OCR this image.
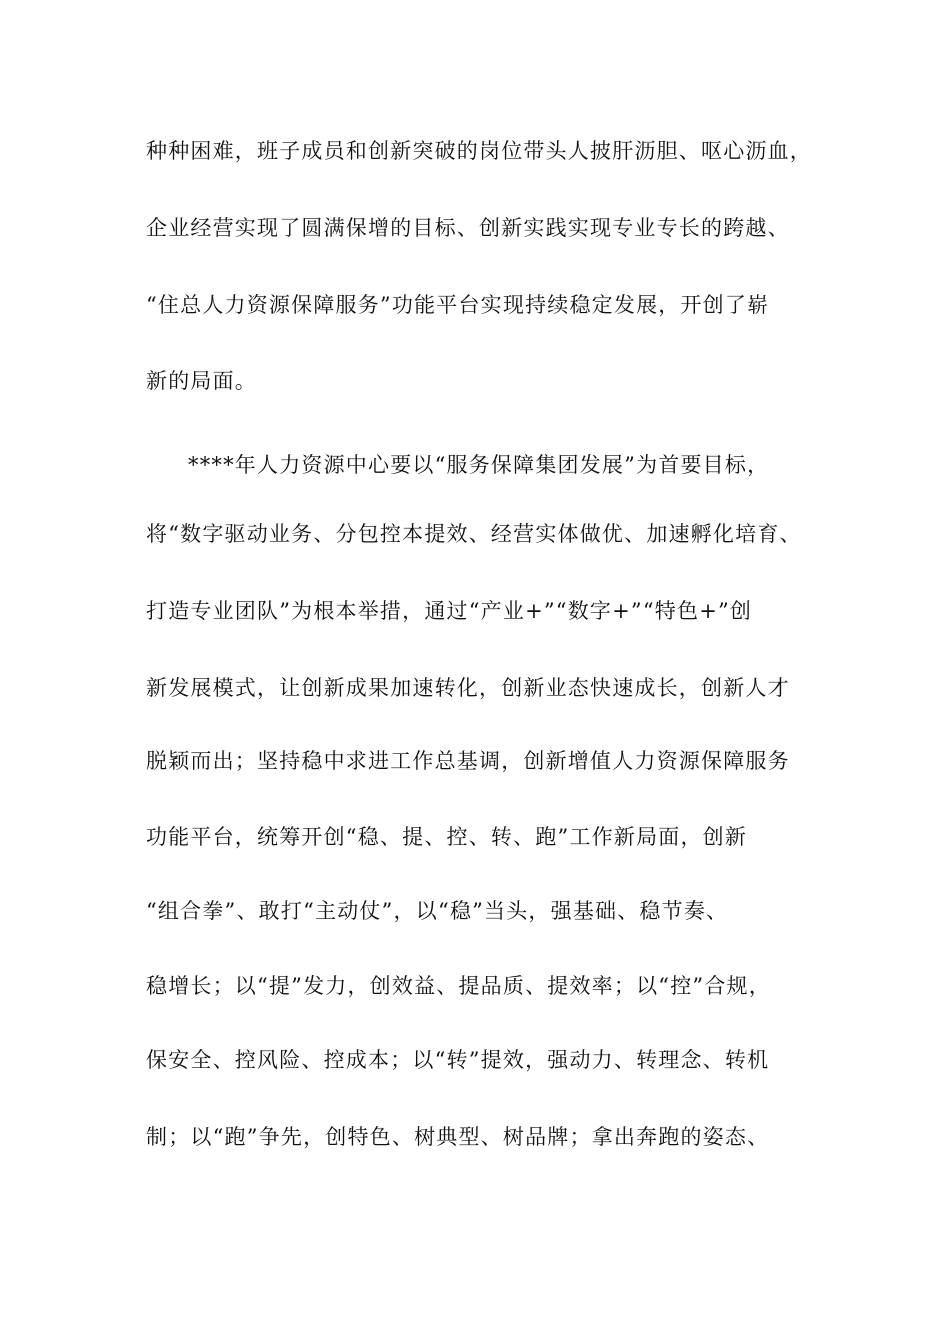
种种困难，班子成员和创新突破的岗位带头人披肝沥胆、呕心沥血，
企业经营实现了圆满保增的目标、创新实践实现专业专长的跨越、
“住总人力资源保障服务”功能平台实现持续稳定发展，开创了崭
新的局面。
****年人力资源中心要以“服务保障集团发展”为首要目标，
将“数字驱动业务、分包控本提效、经营实体做优、加速孵化培育、
打造专业团队”为根本举措，通过“产业+”“数字+”“特色+”创
新发展模式，让创新成果加速转化，创新业态快速成长，创新人才
脱颖而出；坚持稳中求进工作总基调，创新增值人力资源保障服务
功能平台，统筹开创“稳、提、控、转、跑”工作新局面，创新
“组合拳”、敢打“主动仗”，以“稳”当头，强基础、稳节奏、
稳增长；以“提”发力，创效益、提品质、提效率；以“控”合规，
保安全、控风险、控成本；以“转”提效，强动力、转理念、转机
制；以“跑”争先，创特色、树典型、树品牌；拿出奔跑的姿态、
